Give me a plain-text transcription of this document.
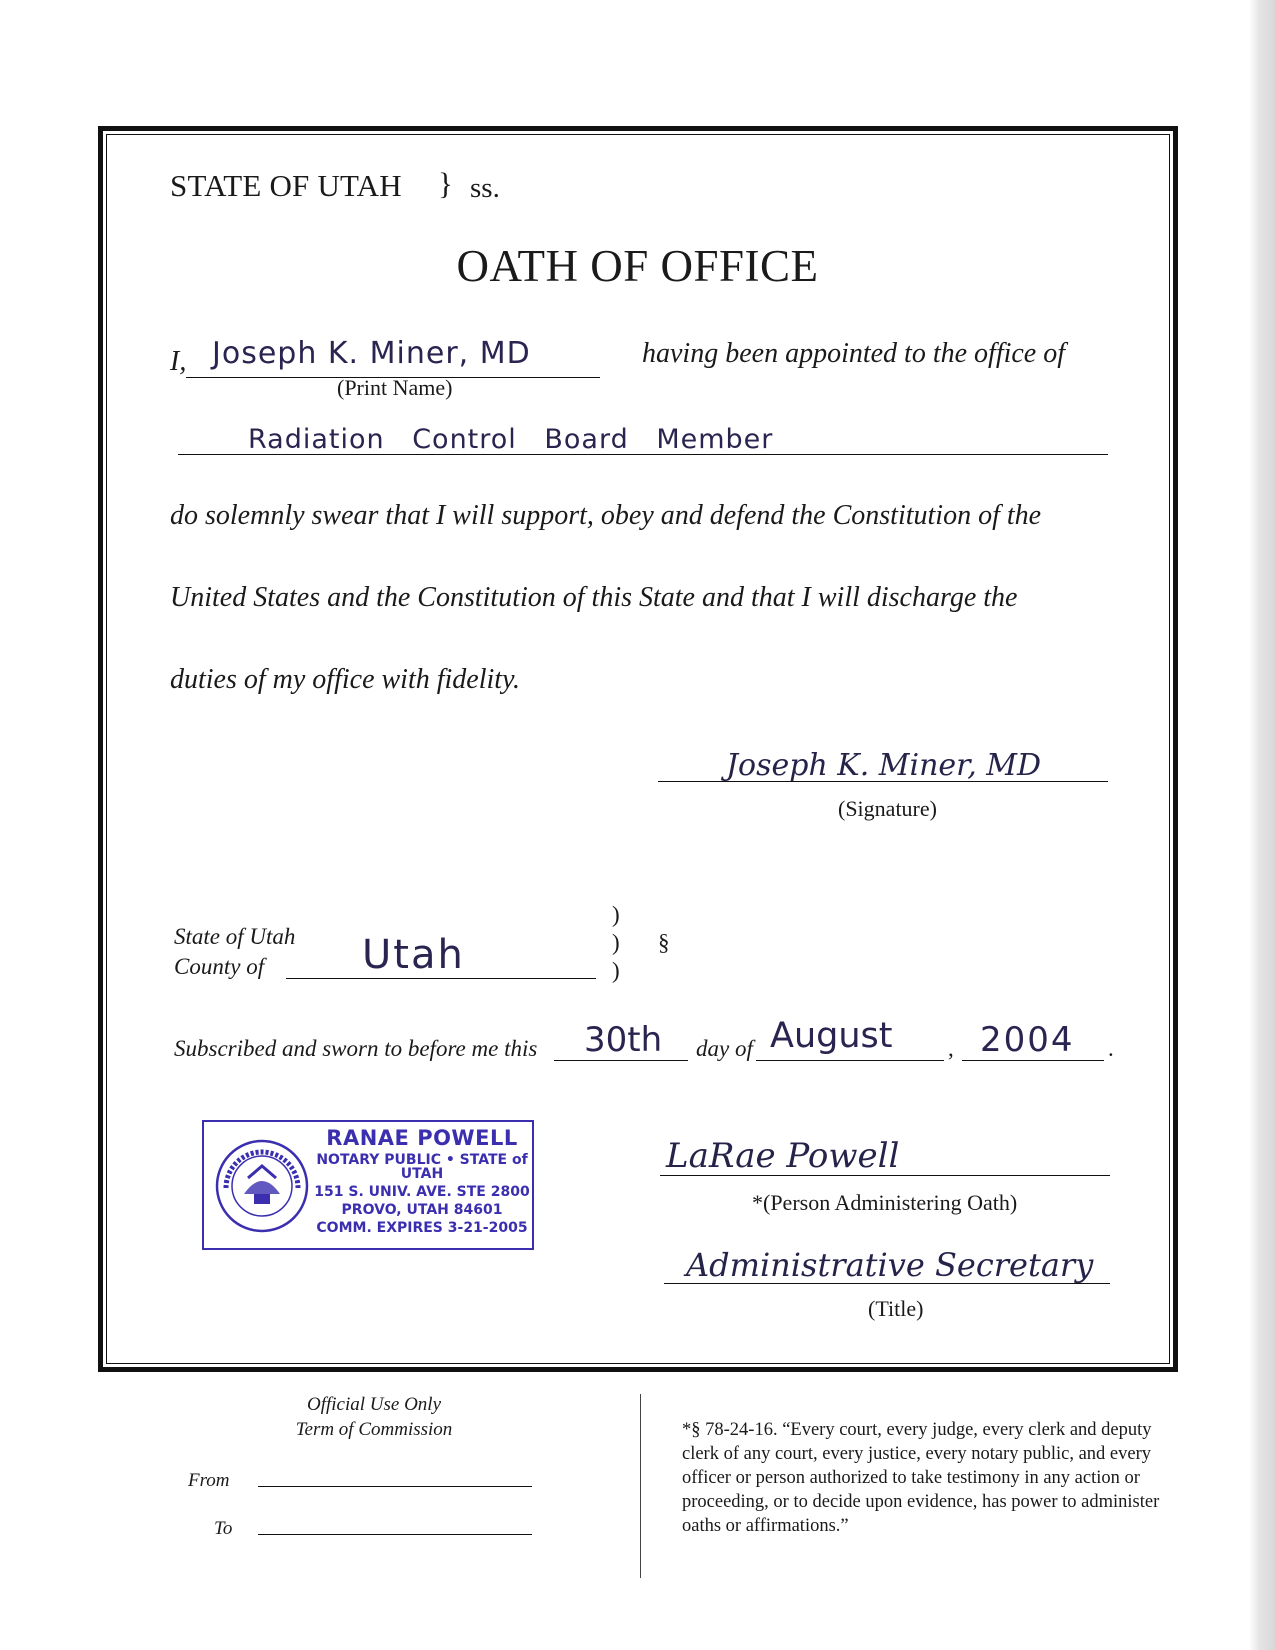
STATE OF UTAH } ss.
OATH OF OFFICE
I, Joseph K. Miner, MD
(Print Name)
having been appointed to the office of
Radiation Control Board Member
do solemnly swear that I will support, obey and defend the Constitution of the
United States and the Constitution of this State and that I will discharge the
duties of my office with fidelity.
Joseph K. Miner, MD
(Signature)
State of Utah
County of Utah
)
)
)
§
Subscribed and sworn to before me this 30th day of August , 2004 .
RANAE POWELL
NOTARY PUBLIC • STATE of UTAH
151 S. UNIV. AVE. STE 2800
PROVO, UTAH 84601
COMM. EXPIRES 3-21-2005
LaRae Powell
*(Person Administering Oath)
Administrative Secretary
(Title)
Official Use Only
Term of Commission
From
To
*§ 78-24-16. “Every court, every judge, every clerk and deputy clerk of any court, every justice, every notary public, and every officer or person authorized to take testimony in any action or proceeding, or to decide upon evidence, has power to administer oaths or affirmations.”
